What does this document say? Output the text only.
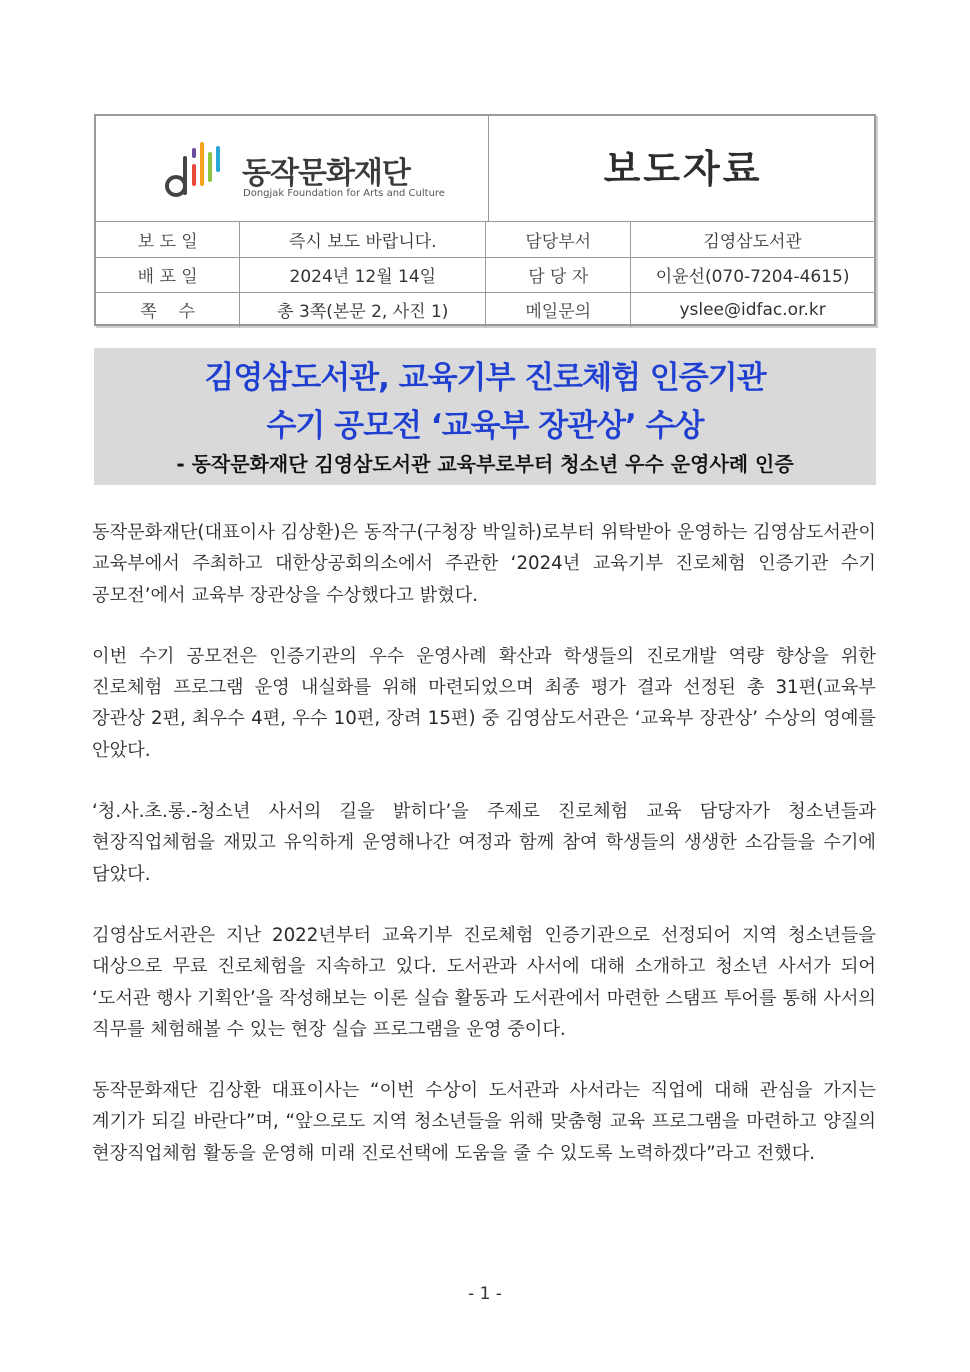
동작문화재단
Dongjak Foundation for Arts and Culture
보도자료
보 도 일	즉시 보도 바랍니다.	담당부서	김영삼도서관
배 포 일	2024년 12월 14일	담 당 자	이윤선(070-7204-4615)
쪽    수	총 3쪽(본문 2, 사진 1)	메일문의	yslee@idfac.or.kr
김영삼도서관, 교육기부 진로체험 인증기관
수기 공모전 ‘교육부 장관상’ 수상
- 동작문화재단 김영삼도서관 교육부로부터 청소년 우수 운영사례 인증

동작문화재단(대표이사 김상환)은 동작구(구청장 박일하)로부터 위탁받아 운영하는 김영삼도서관이 교육부에서 주최하고 대한상공회의소에서 주관한 ‘2024년 교육기부 진로체험 인증기관 수기 공모전’에서 교육부 장관상을 수상했다고 밝혔다.

이번 수기 공모전은 인증기관의 우수 운영사례 확산과 학생들의 진로개발 역량 향상을 위한 진로체험 프로그램 운영 내실화를 위해 마련되었으며 최종 평가 결과 선정된 총 31편(교육부 장관상 2편, 최우수 4편, 우수 10편, 장려 15편) 중 김영삼도서관은 ‘교육부 장관상’ 수상의 영예를 안았다.

‘청.사.초.롱.-청소년 사서의 길을 밝히다’을 주제로 진로체험 교육 담당자가 청소년들과 현장직업체험을 재밌고 유익하게 운영해나간 여정과 함께 참여 학생들의 생생한 소감들을 수기에 담았다.

김영삼도서관은 지난 2022년부터 교육기부 진로체험 인증기관으로 선정되어 지역 청소년들을 대상으로 무료 진로체험을 지속하고 있다. 도서관과 사서에 대해 소개하고 청소년 사서가 되어 ‘도서관 행사 기획안’을 작성해보는 이론 실습 활동과 도서관에서 마련한 스탬프 투어를 통해 사서의 직무를 체험해볼 수 있는 현장 실습 프로그램을 운영 중이다.

동작문화재단 김상환 대표이사는 “이번 수상이 도서관과 사서라는 직업에 대해 관심을 가지는 계기가 되길 바란다”며, “앞으로도 지역 청소년들을 위해 맞춤형 교육 프로그램을 마련하고 양질의 현장직업체험 활동을 운영해 미래 진로선택에 도움을 줄 수 있도록 노력하겠다”라고 전했다.

- 1 -
